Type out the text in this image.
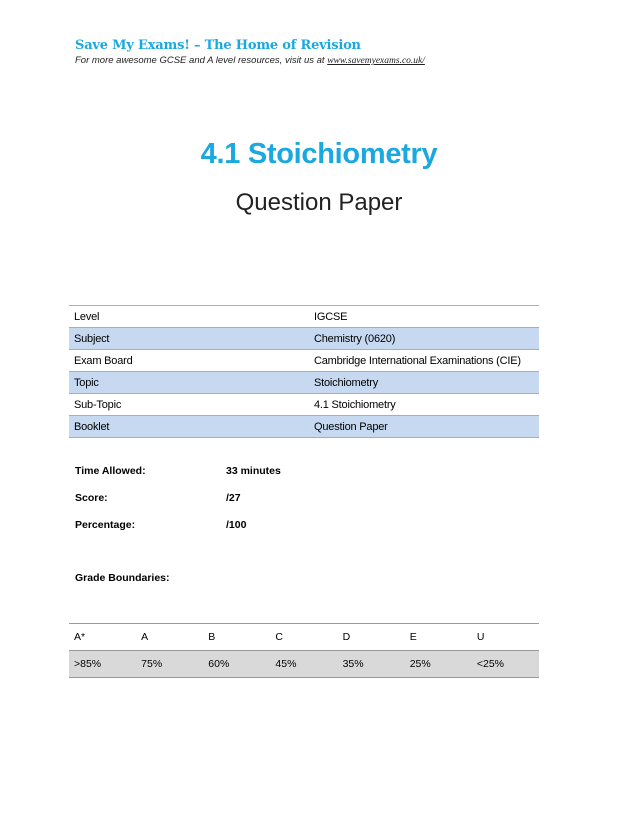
Save My Exams! – The Home of Revision
For more awesome GCSE and A level resources, visit us at www.savemyexams.co.uk/
4.1 Stoichiometry
Question Paper
Level	IGCSE
Subject	Chemistry (0620)
Exam Board	Cambridge International Examinations (CIE)
Topic	Stoichiometry
Sub-Topic	4.1 Stoichiometry
Booklet	Question Paper
Time Allowed:	33 minutes
Score:	/27
Percentage:	/100
Grade Boundaries:
A*	A	B	C	D	E	U
>85%	75%	60%	45%	35%	25%	<25%
